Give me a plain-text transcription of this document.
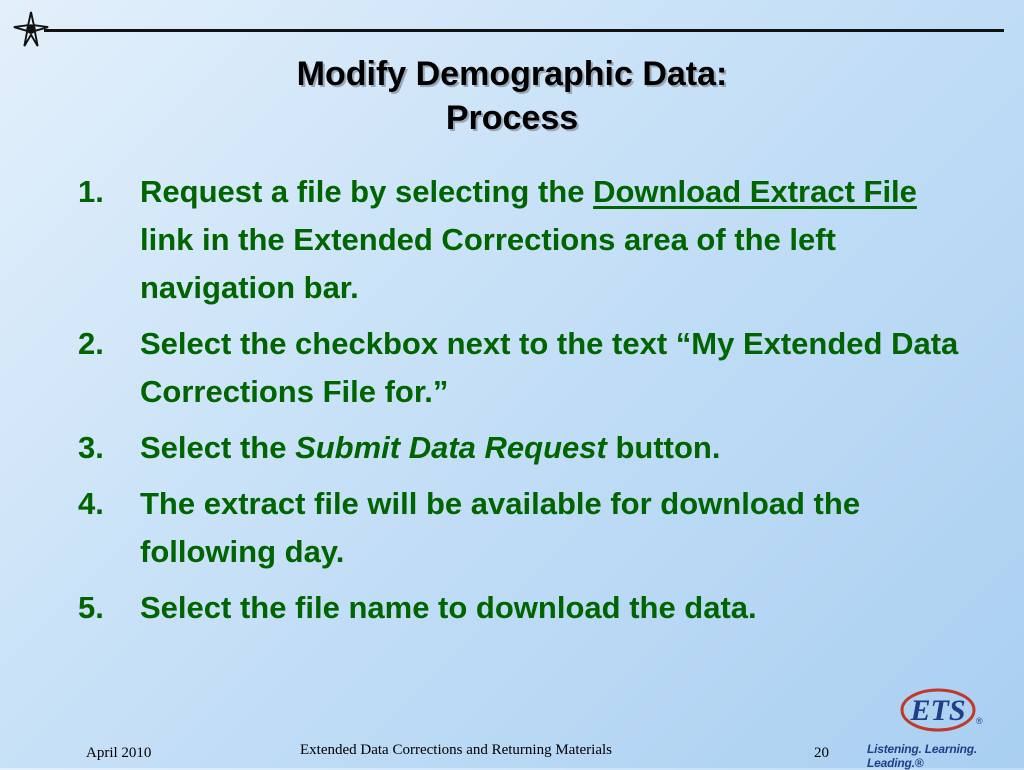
Modify Demographic Data:
Process
1.	Request a file by selecting the Download Extract File link in the Extended Corrections area of the left navigation bar.
2.	Select the checkbox next to the text “My Extended Data Corrections File for.”
3.	Select the Submit Data Request button.
4.	The extract file will be available for download the following day.
5.	Select the file name to download the data.
April 2010	Extended Data Corrections and Returning Materials	20
ETS ®
Listening. Learning. Leading.®
